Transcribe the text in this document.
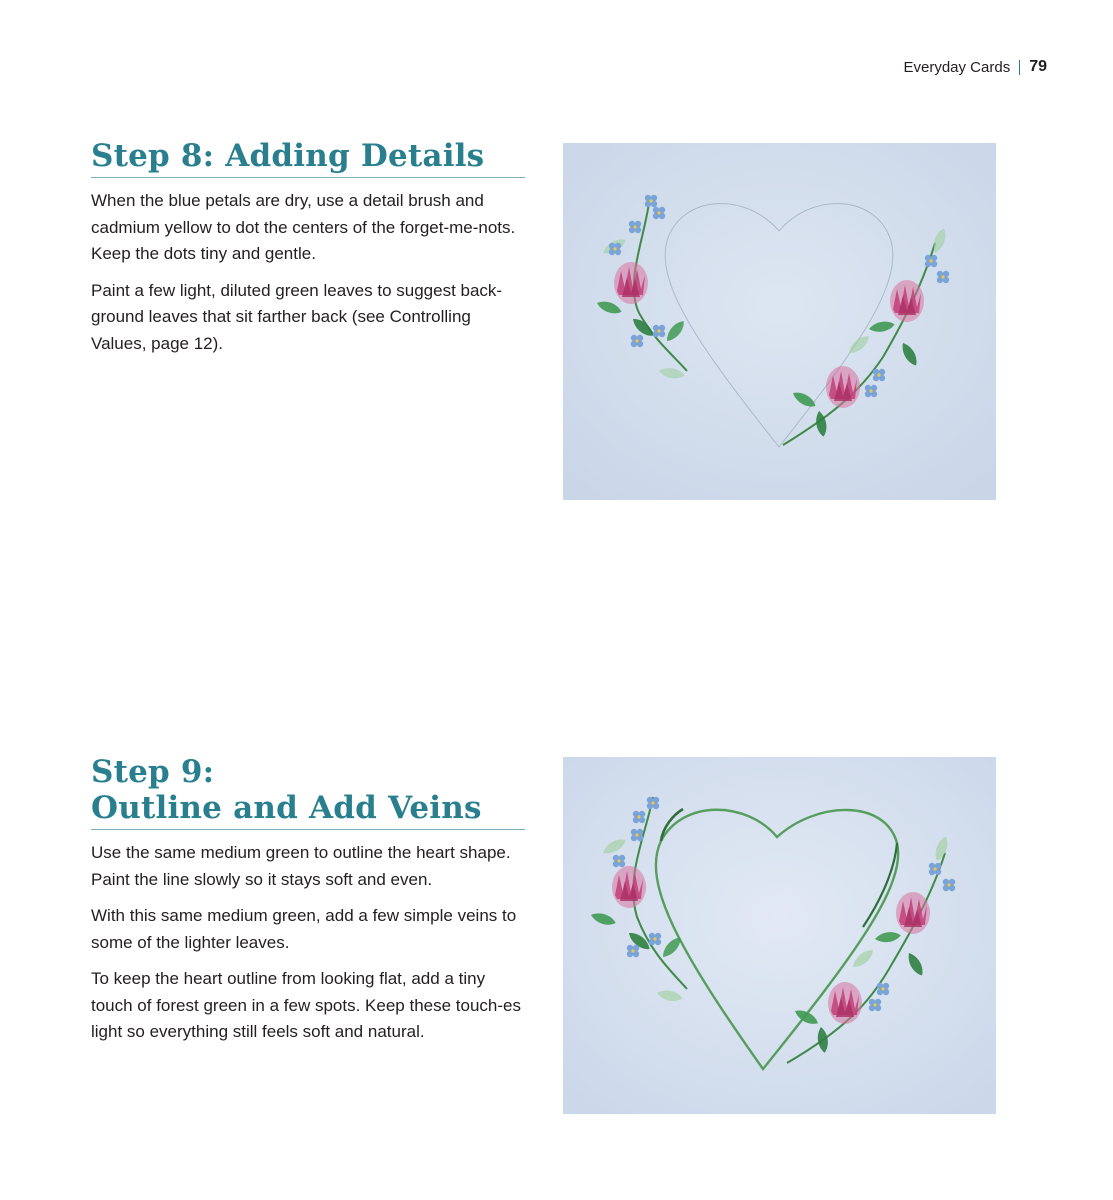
Everyday Cards 79
Step 8: Adding Details

When the blue petals are dry, use a detail brush and cadmium yellow to dot the centers of the forget-me-nots. Keep the dots tiny and gentle.

Paint a few light, diluted green leaves to suggest back-ground leaves that sit farther back (see Controlling Values, page 12).

Step 9:
Outline and Add Veins

Use the same medium green to outline the heart shape. Paint the line slowly so it stays soft and even.

With this same medium green, add a few simple veins to some of the lighter leaves.

To keep the heart outline from looking flat, add a tiny touch of forest green in a few spots. Keep these touch-es light so everything still feels soft and natural.
